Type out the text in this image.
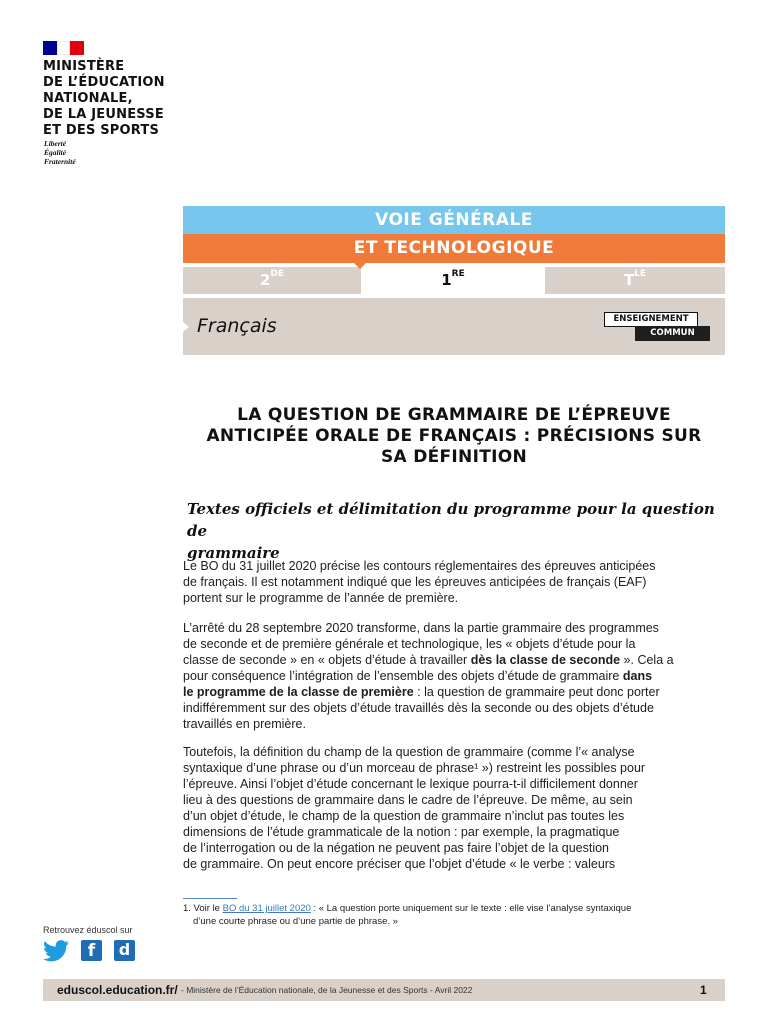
MINISTÈRE
DE L’ÉDUCATION
NATIONALE,
DE LA JEUNESSE
ET DES SPORTS
Liberté
Égalité
Fraternité
VOIE GÉNÉRALE
ET TECHNOLOGIQUE
2DE	1RE	$T^{LE}$
Français	ENSEIGNEMENT
COMMUN
LA QUESTION DE GRAMMAIRE DE L’ÉPREUVE
ANTICIPÉE ORALE DE FRANÇAIS : PRÉCISIONS SUR
SA DÉFINITION
Textes officiels et délimitation du programme pour la question de
grammaire
Le BO du 31 juillet 2020 précise les contours réglementaires des épreuves anticipées
de français. Il est notamment indiqué que les épreuves anticipées de français (EAF)
portent sur le programme de l’année de première.
L’arrêté du 28 septembre 2020 transforme, dans la partie grammaire des programmes
de seconde et de première générale et technologique, les « objets d’étude pour la
classe de seconde » en « objets d’étude à travailler dès la classe de seconde ». Cela a
pour conséquence l’intégration de l’ensemble des objets d’étude de grammaire dans
le programme de la classe de première : la question de grammaire peut donc porter
indifféremment sur des objets d’étude travaillés dès la seconde ou des objets d’étude
travaillés en première.
Toutefois, la définition du champ de la question de grammaire (comme l’« analyse
syntaxique d’une phrase ou d’un morceau de phrase¹ ») restreint les possibles pour
l’épreuve. Ainsi l’objet d’étude concernant le lexique pourra-t-il difficilement donner
lieu à des questions de grammaire dans le cadre de l’épreuve. De même, au sein
d’un objet d’étude, le champ de la question de grammaire n’inclut pas toutes les
dimensions de l’étude grammaticale de la notion : par exemple, la pragmatique
de l’interrogation ou de la négation ne peuvent pas faire l’objet de la question
de grammaire. On peut encore préciser que l’objet d’étude « le verbe : valeurs
1. Voir le BO du 31 juillet 2020 : « La question porte uniquement sur le texte : elle vise l’analyse syntaxique
d’une courte phrase ou d’une partie de phrase. »
Retrouvez éduscol sur
f	d
eduscol.education.fr/ - Ministère de l’Éducation nationale, de la Jeunesse et des Sports - Avril 2022	1
